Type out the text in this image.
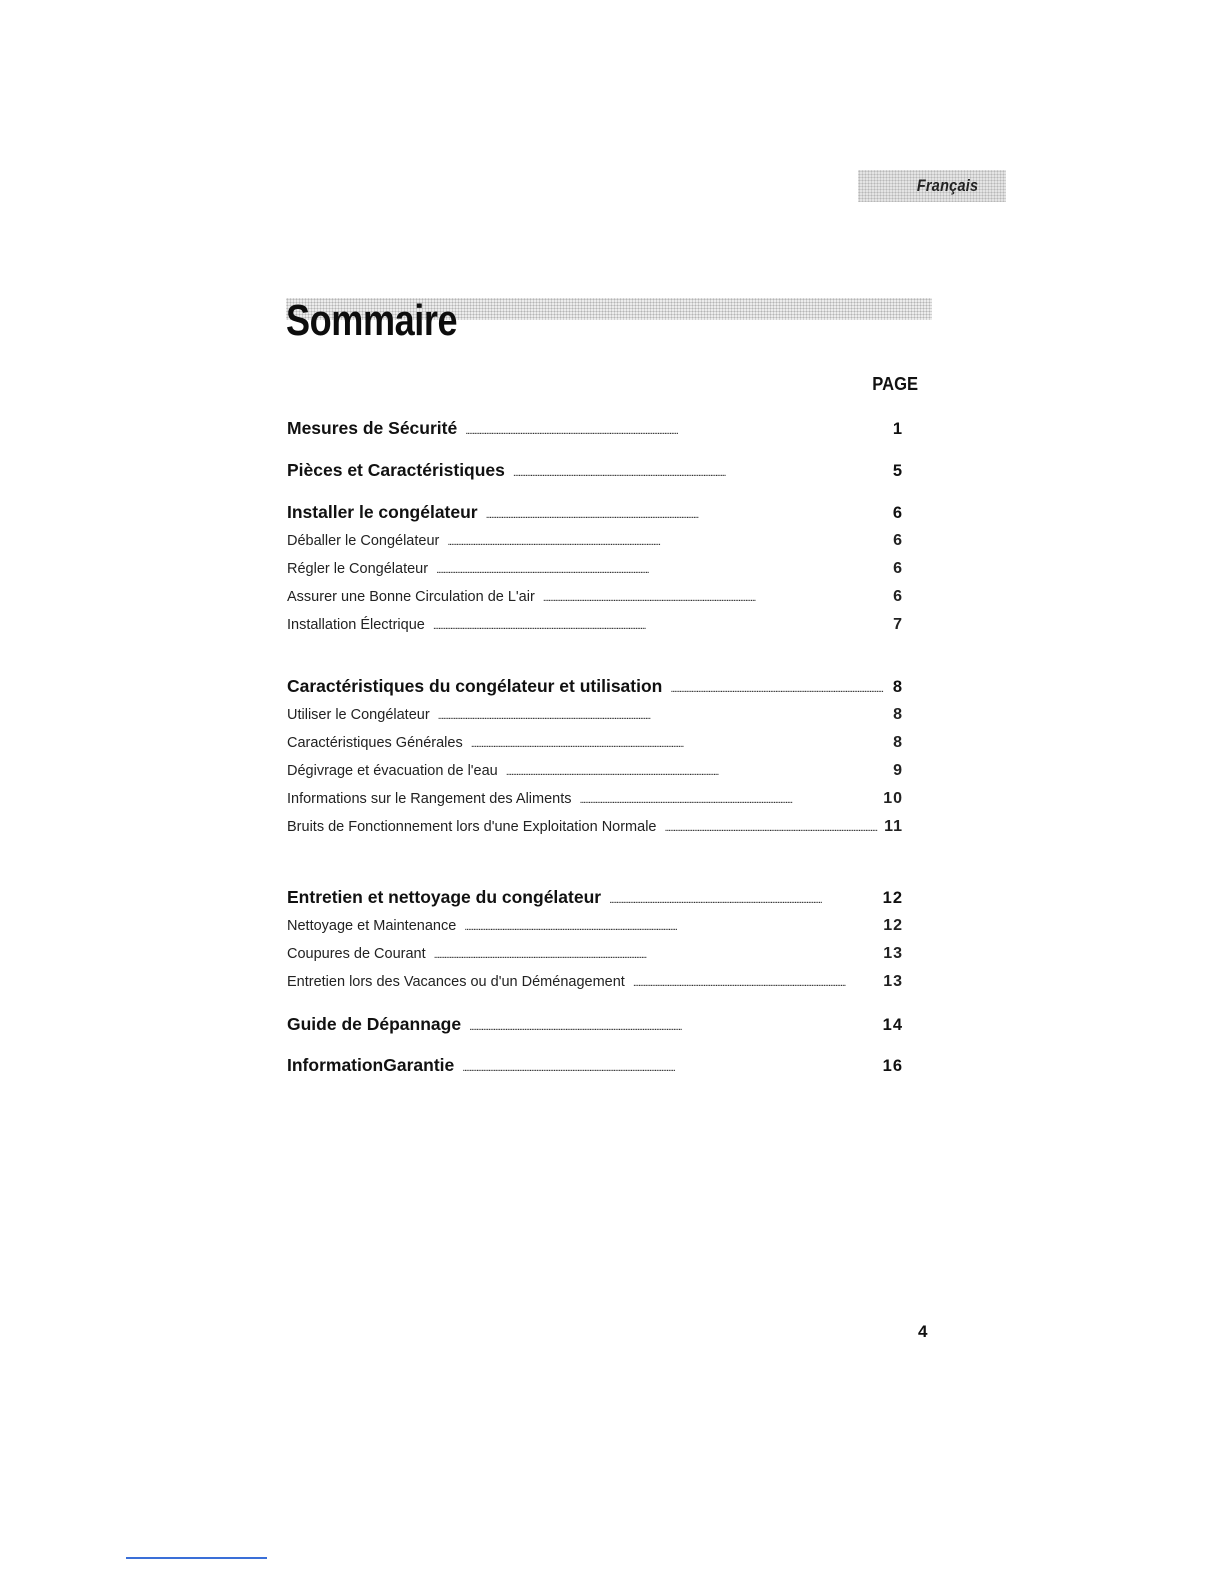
Français
Sommaire
PAGE
Mesures de Sécurité . . .	1
Pièces et Caractéristiques . . .	5
Installer le congélateur . . .	6
Déballer le Congélateur . . .	6
Régler le Congélateur . . .	6
Assurer une Bonne Circulation de L'air . . .	6
Installation Électrique . . .	7
Caractéristiques du congélateur et utilisation . . .	8
Utiliser le Congélateur . . .	8
Caractéristiques Générales . . .	8
Dégivrage et évacuation de l'eau . . .	9
Informations sur le Rangement des Aliments . . .	10
Bruits de Fonctionnement lors d'une Exploitation Normale . . .	11
Entretien et nettoyage du congélateur . . .	12
Nettoyage et Maintenance . . .	12
Coupures de Courant . . .	13
Entretien lors des Vacances ou d'un Déménagement . . .	13
Guide de Dépannage . . .	14
InformationGarantie . . .	16
4
